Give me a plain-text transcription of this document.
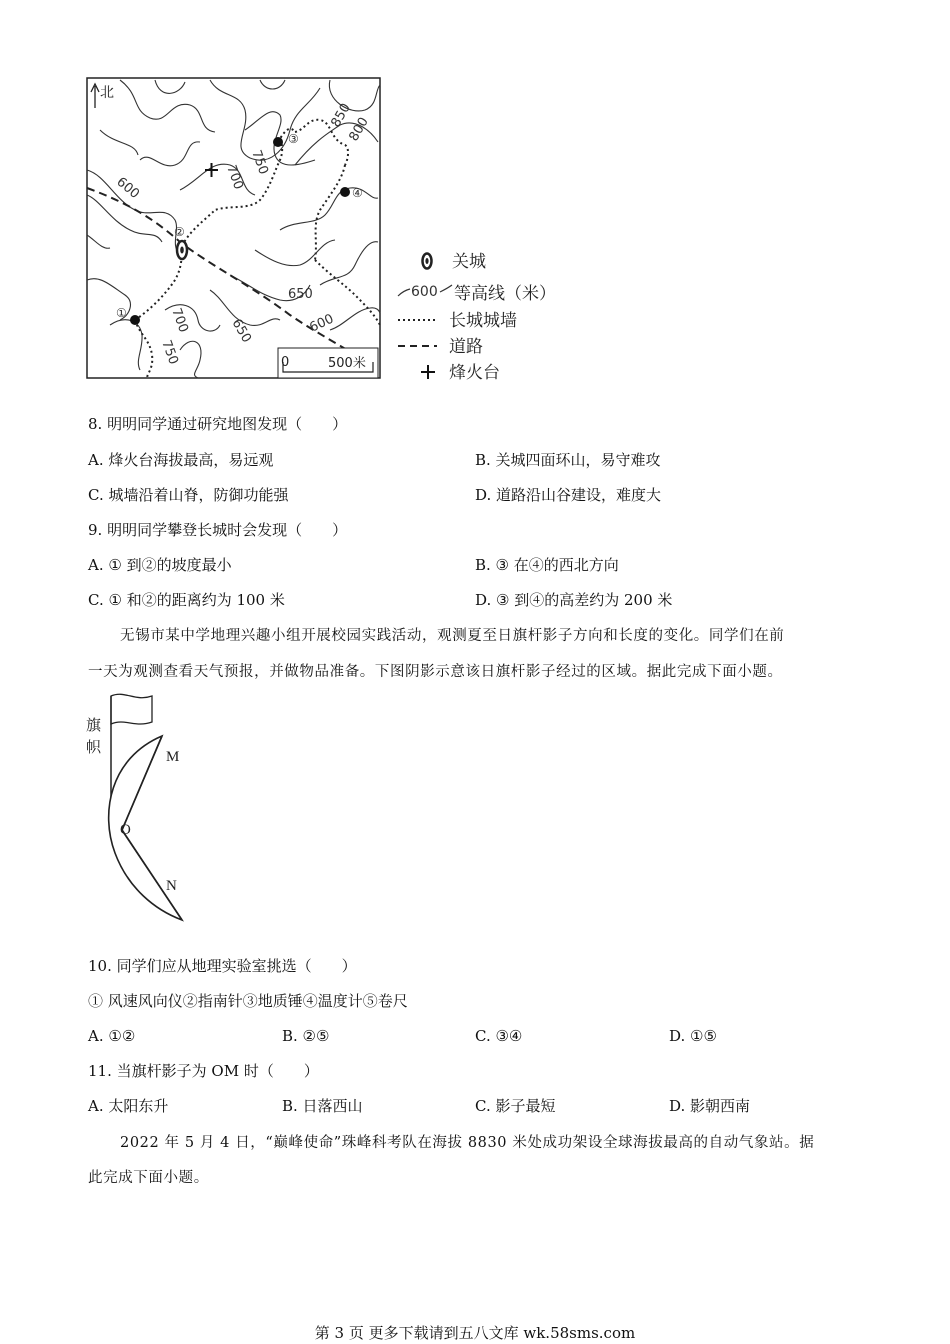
北
①
②
③
④
850
800
750
700
600
650
700
750
650	600
0	500米
关城
600 等高线（米）
长城城墙
道路
烽火台
8. 明明同学通过研究地图发现（　　）
A. 烽火台海拔最高，易远观	B. 关城四面环山，易守难攻
C. 城墙沿着山脊，防御功能强	D. 道路沿山谷建设，难度大
9. 明明同学攀登长城时会发现（　　）
A. ① 到②的坡度最小	B. ③ 在④的西北方向
C. ① 和②的距离约为 100 米	D. ③ 到④的高差约为 200 米
无锡市某中学地理兴趣小组开展校园实践活动，观测夏至日旗杆影子方向和长度的变化。同学们在前
一天为观测查看天气预报，并做物品准备。下图阴影示意该日旗杆影子经过的区域。据此完成下面小题。
旗
帜
M
O
N
10. 同学们应从地理实验室挑选（　　）
① 风速风向仪②指南针③地质锤④温度计⑤卷尺
A. ①②	B. ②⑤	C. ③④	D. ①⑤
11. 当旗杆影子为 OM 时（　　）
A. 太阳东升	B. 日落西山	C. 影子最短	D. 影朝西南
2022 年 5 月 4 日，“巅峰使命”珠峰科考队在海拔 8830 米处成功架设全球海拔最高的自动气象站。据
此完成下面小题。
第 3 页 更多下载请到五八文库 wk.58sms.com
